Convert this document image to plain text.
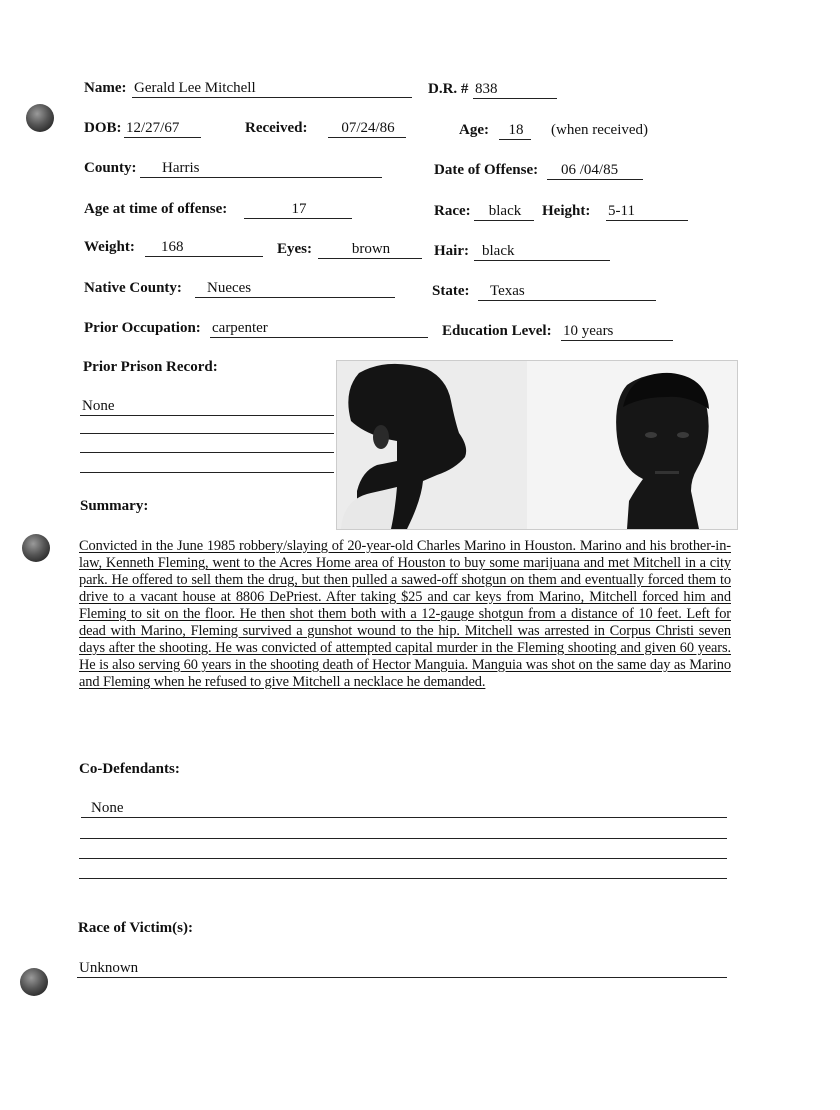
Name: Gerald Lee Mitchell	D.R. # 838
DOB: 12/27/67	Received:	07/24/86	Age:	18	(when received)
County:	Harris	Date of Offense:	06 /04/85
Age at time of offense:	17	Race:	black	Height: 5-11
Weight:	168	Eyes:	brown	Hair: black
Native County:	Nueces	State:	Texas
Prior Occupation: carpenter	Education Level: 10 years
Prior Prison Record:
None
Summary:
Convicted in the June 1985 robbery/slaying of 20-year-old Charles Marino in Houston. Marino and his brother-in-law, Kenneth Fleming, went to the Acres Home area of Houston to buy some marijuana and met Mitchell in a city park. He offered to sell them the drug, but then pulled a sawed-off shotgun on them and eventually forced them to drive to a vacant house at 8806 DePriest. After taking $25 and car keys from Marino, Mitchell forced him and Fleming to sit on the floor. He then shot them both with a 12-gauge shotgun from a distance of 10 feet. Left for dead with Marino, Fleming survived a gunshot wound to the hip. Mitchell was arrested in Corpus Christi seven days after the shooting. He was convicted of attempted capital murder in the Fleming shooting and given 60 years. He is also serving 60 years in the shooting death of Hector Manguia. Manguia was shot on the same day as Marino and Fleming when he refused to give Mitchell a necklace he demanded.
Co-Defendants:
None
Race of Victim(s):
Unknown
